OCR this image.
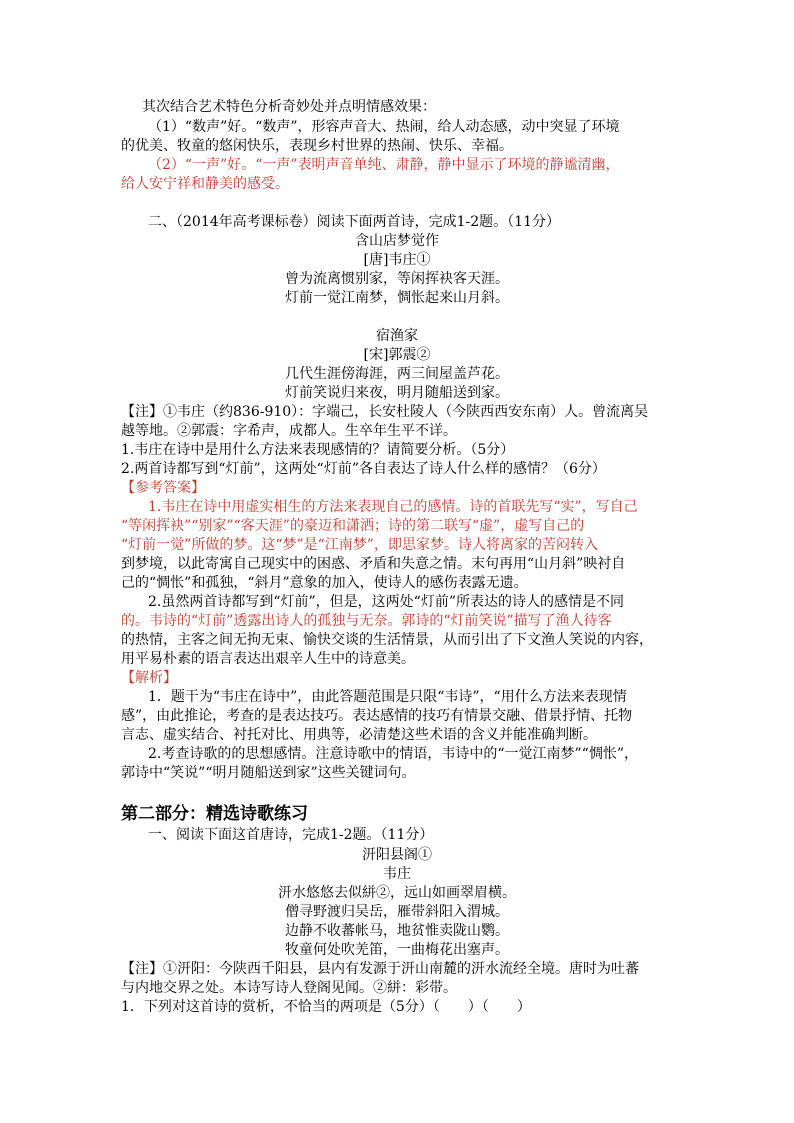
其次结合艺术特色分析奇妙处并点明情感效果：
（1）“数声”好。“数声”，形容声音大、热闹，给人动态感，动中突显了环境
的优美、牧童的悠闲快乐，表现乡村世界的热闹、快乐、幸福。
（2）“一声”好。“一声”表明声音单纯、肃静，静中显示了环境的静谧清幽，
给人安宁祥和静美的感受。
二、（2014年高考课标卷）阅读下面两首诗，完成1-2题。（11分）
含山店梦觉作
[唐]韦庄①
曾为流离惯别家，等闲挥袂客天涯。
灯前一觉江南梦，惆怅起来山月斜。
宿渔家
[宋]郭震②
几代生涯傍海涯，两三间屋盖芦花。
灯前笑说归来夜，明月随船送到家。
【注】①韦庄（约836-910）：字端己，长安杜陵人（今陕西西安东南）人。曾流离吴
越等地。②郭震：字希声，成都人。生卒年生平不详。
1.韦庄在诗中是用什么方法来表现感情的？请简要分析。（5分）
2.两首诗都写到“灯前”，这两处“灯前”各自表达了诗人什么样的感情？（6分）
【参考答案】
1.韦庄在诗中用虚实相生的方法来表现自己的感情。诗的首联先写“实”，写自己
“等闲挥袂”“别家”“客天涯”的豪迈和潇洒；诗的第二联写“虚”，虚写自己的
“灯前一觉”所做的梦。这“梦”是“江南梦”，即思家梦。诗人将离家的苦闷转入
到梦境，以此寄寓自己现实中的困惑、矛盾和失意之情。末句再用“山月斜”映衬自
己的“惆怅”和孤独，“斜月”意象的加入，使诗人的感伤表露无遗。
2.虽然两首诗都写到“灯前”，但是，这两处“灯前”所表达的诗人的感情是不同
的。韦诗的“灯前”透露出诗人的孤独与无奈。郭诗的“灯前笑说”描写了渔人待客
的热情，主客之间无拘无束、愉快交谈的生活情景，从而引出了下文渔人笑说的内容，
用平易朴素的语言表达出艰辛人生中的诗意美。
【解析】
1．题干为“韦庄在诗中”，由此答题范围是只限“韦诗”，“用什么方法来表现情
感”，由此推论，考查的是表达技巧。表达感情的技巧有情景交融、借景抒情、托物
言志、虚实结合、衬托对比、用典等，必清楚这些术语的含义并能准确判断。
2.考查诗歌的的思想感情。注意诗歌中的情语，韦诗中的“一觉江南梦”“惆怅”，
郭诗中“笑说”“明月随船送到家”这些关键词句。
第二部分：精选诗歌练习
一、阅读下面这首唐诗，完成1-2题。（11分）
汧阳县阁①
韦庄
汧水悠悠去似絣②，远山如画翠眉横。
僧寻野渡归吴岳，雁带斜阳入渭城。
边静不收蕃帐马，地贫惟卖陇山鹦。
牧童何处吹羌笛，一曲梅花出塞声。
【注】①汧阳：今陕西千阳县，县内有发源于汧山南麓的汧水流经全境。唐时为吐蕃
与内地交界之处。本诗写诗人登阁见闻。②絣：彩带。
1．下列对这首诗的赏析，不恰当的两项是（5分）（　　）（　　）
